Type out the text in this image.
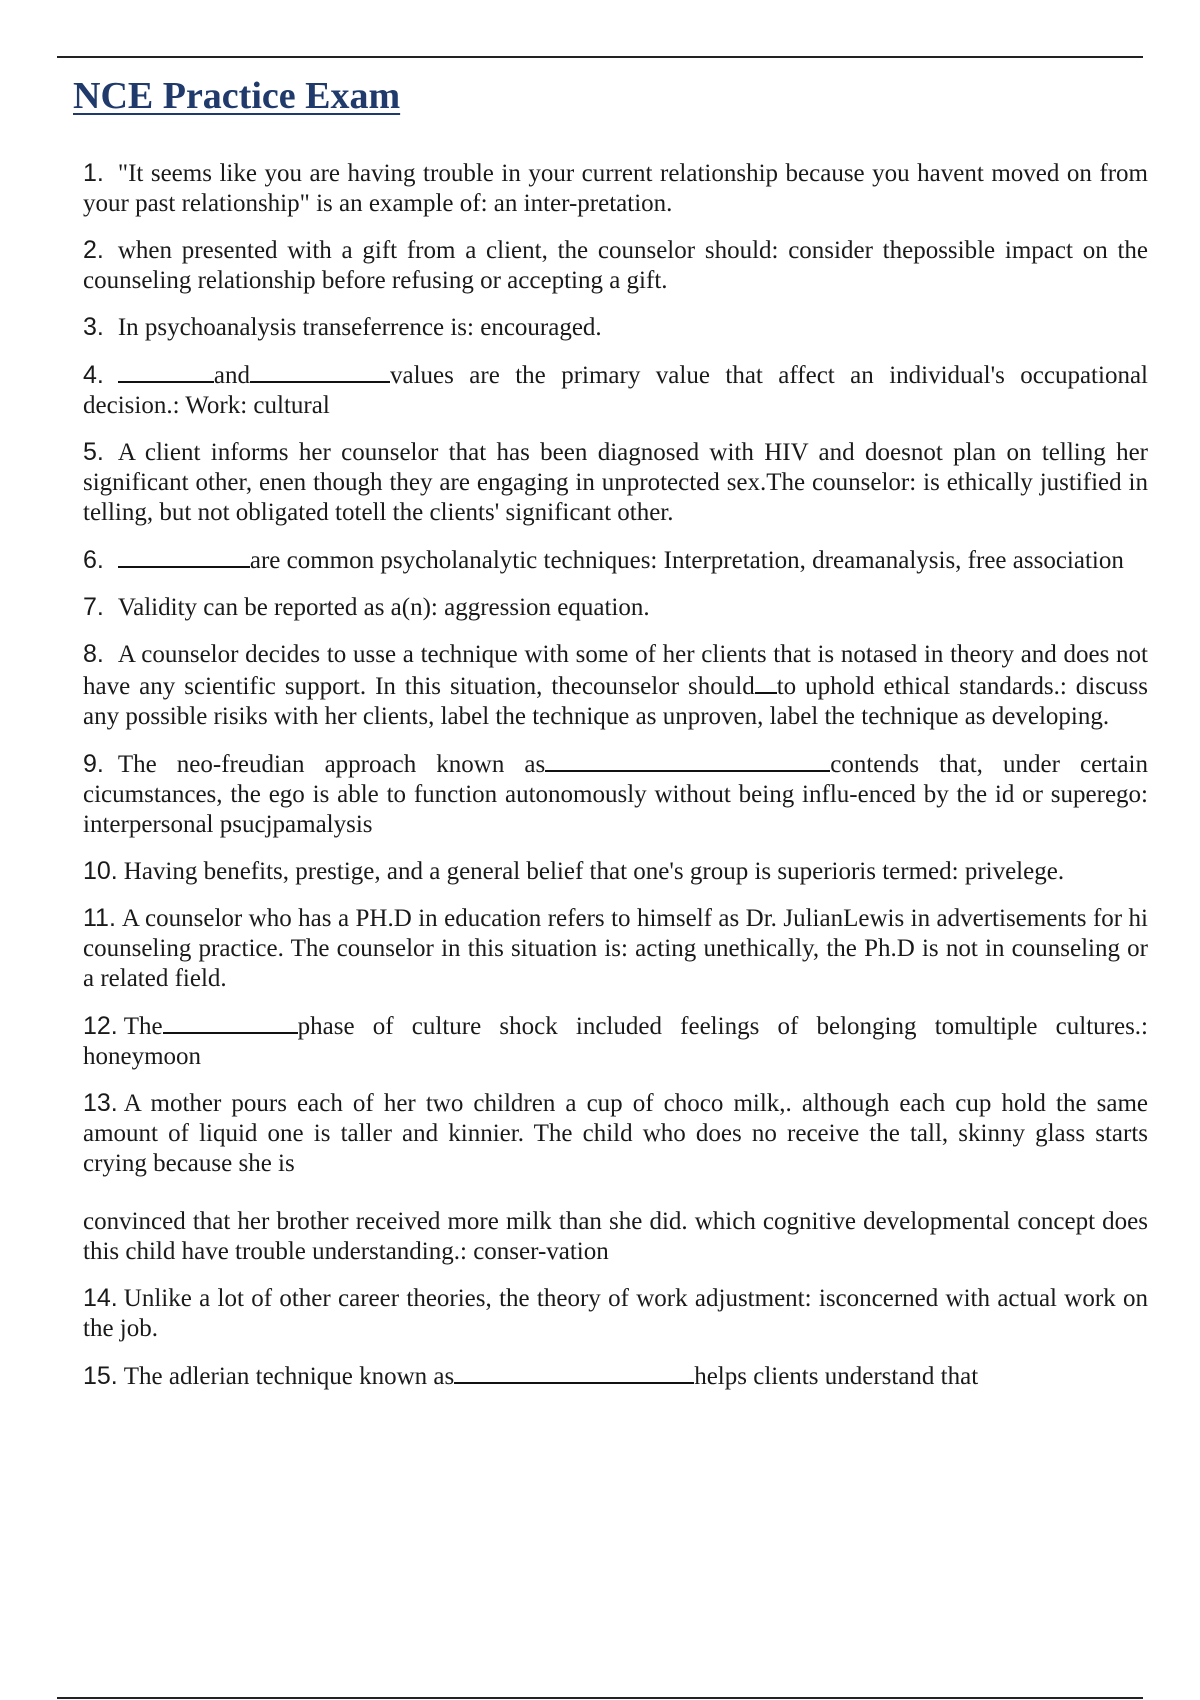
NCE Practice Exam

1. "It seems like you are having trouble in your current relationship because you havent moved on from your past relationship" is an example of: an inter-pretation.

2. when presented with a gift from a client, the counselor should: consider thepossible impact on the counseling relationship before refusing or accepting a gift.

3. In psychoanalysis transeferrence is: encouraged.

4.	and	values are the primary value that affect an individual's occupational decision.: Work: cultural

5. A client informs her counselor that has been diagnosed with HIV and doesnot plan on telling her significant other, enen though they are engaging in unprotected sex.The counselor: is ethically justified in telling, but not obligated totell the clients' significant other.

6.	are common psycholanalytic techniques: Interpretation, dreamanalysis, free association

7. Validity can be reported as a(n): aggression equation.

8. A counselor decides to usse a technique with some of her clients that is notased in theory and does not have any scientific support. In this situation, thecounselor should to uphold ethical standards.: discuss any possible risiks with her clients, label the technique as unproven, label the technique as developing.

9. The neo-freudian approach known as	contends that, under certain cicumstances, the ego is able to function autonomously without being influ-enced by the id or superego: interpersonal psucjpamalysis

10. Having benefits, prestige, and a general belief that one's group is superioris termed: privelege.

11. A counselor who has a PH.D in education refers to himself as Dr. JulianLewis in advertisements for hi counseling practice. The counselor in this situation is: acting unethically, the Ph.D is not in counseling or a related field.

12. The	phase of culture shock included feelings of belonging tomultiple cultures.: honeymoon

13. A mother pours each of her two children a cup of choco milk,. although each cup hold the same amount of liquid one is taller and kinnier. The child who does no receive the tall, skinny glass starts crying because she is

convinced that her brother received more milk than she did. which cognitive developmental concept does this child have trouble understanding.: conser-vation

14. Unlike a lot of other career theories, the theory of work adjustment: isconcerned with actual work on the job.

15. The adlerian technique known as	helps clients understand that
